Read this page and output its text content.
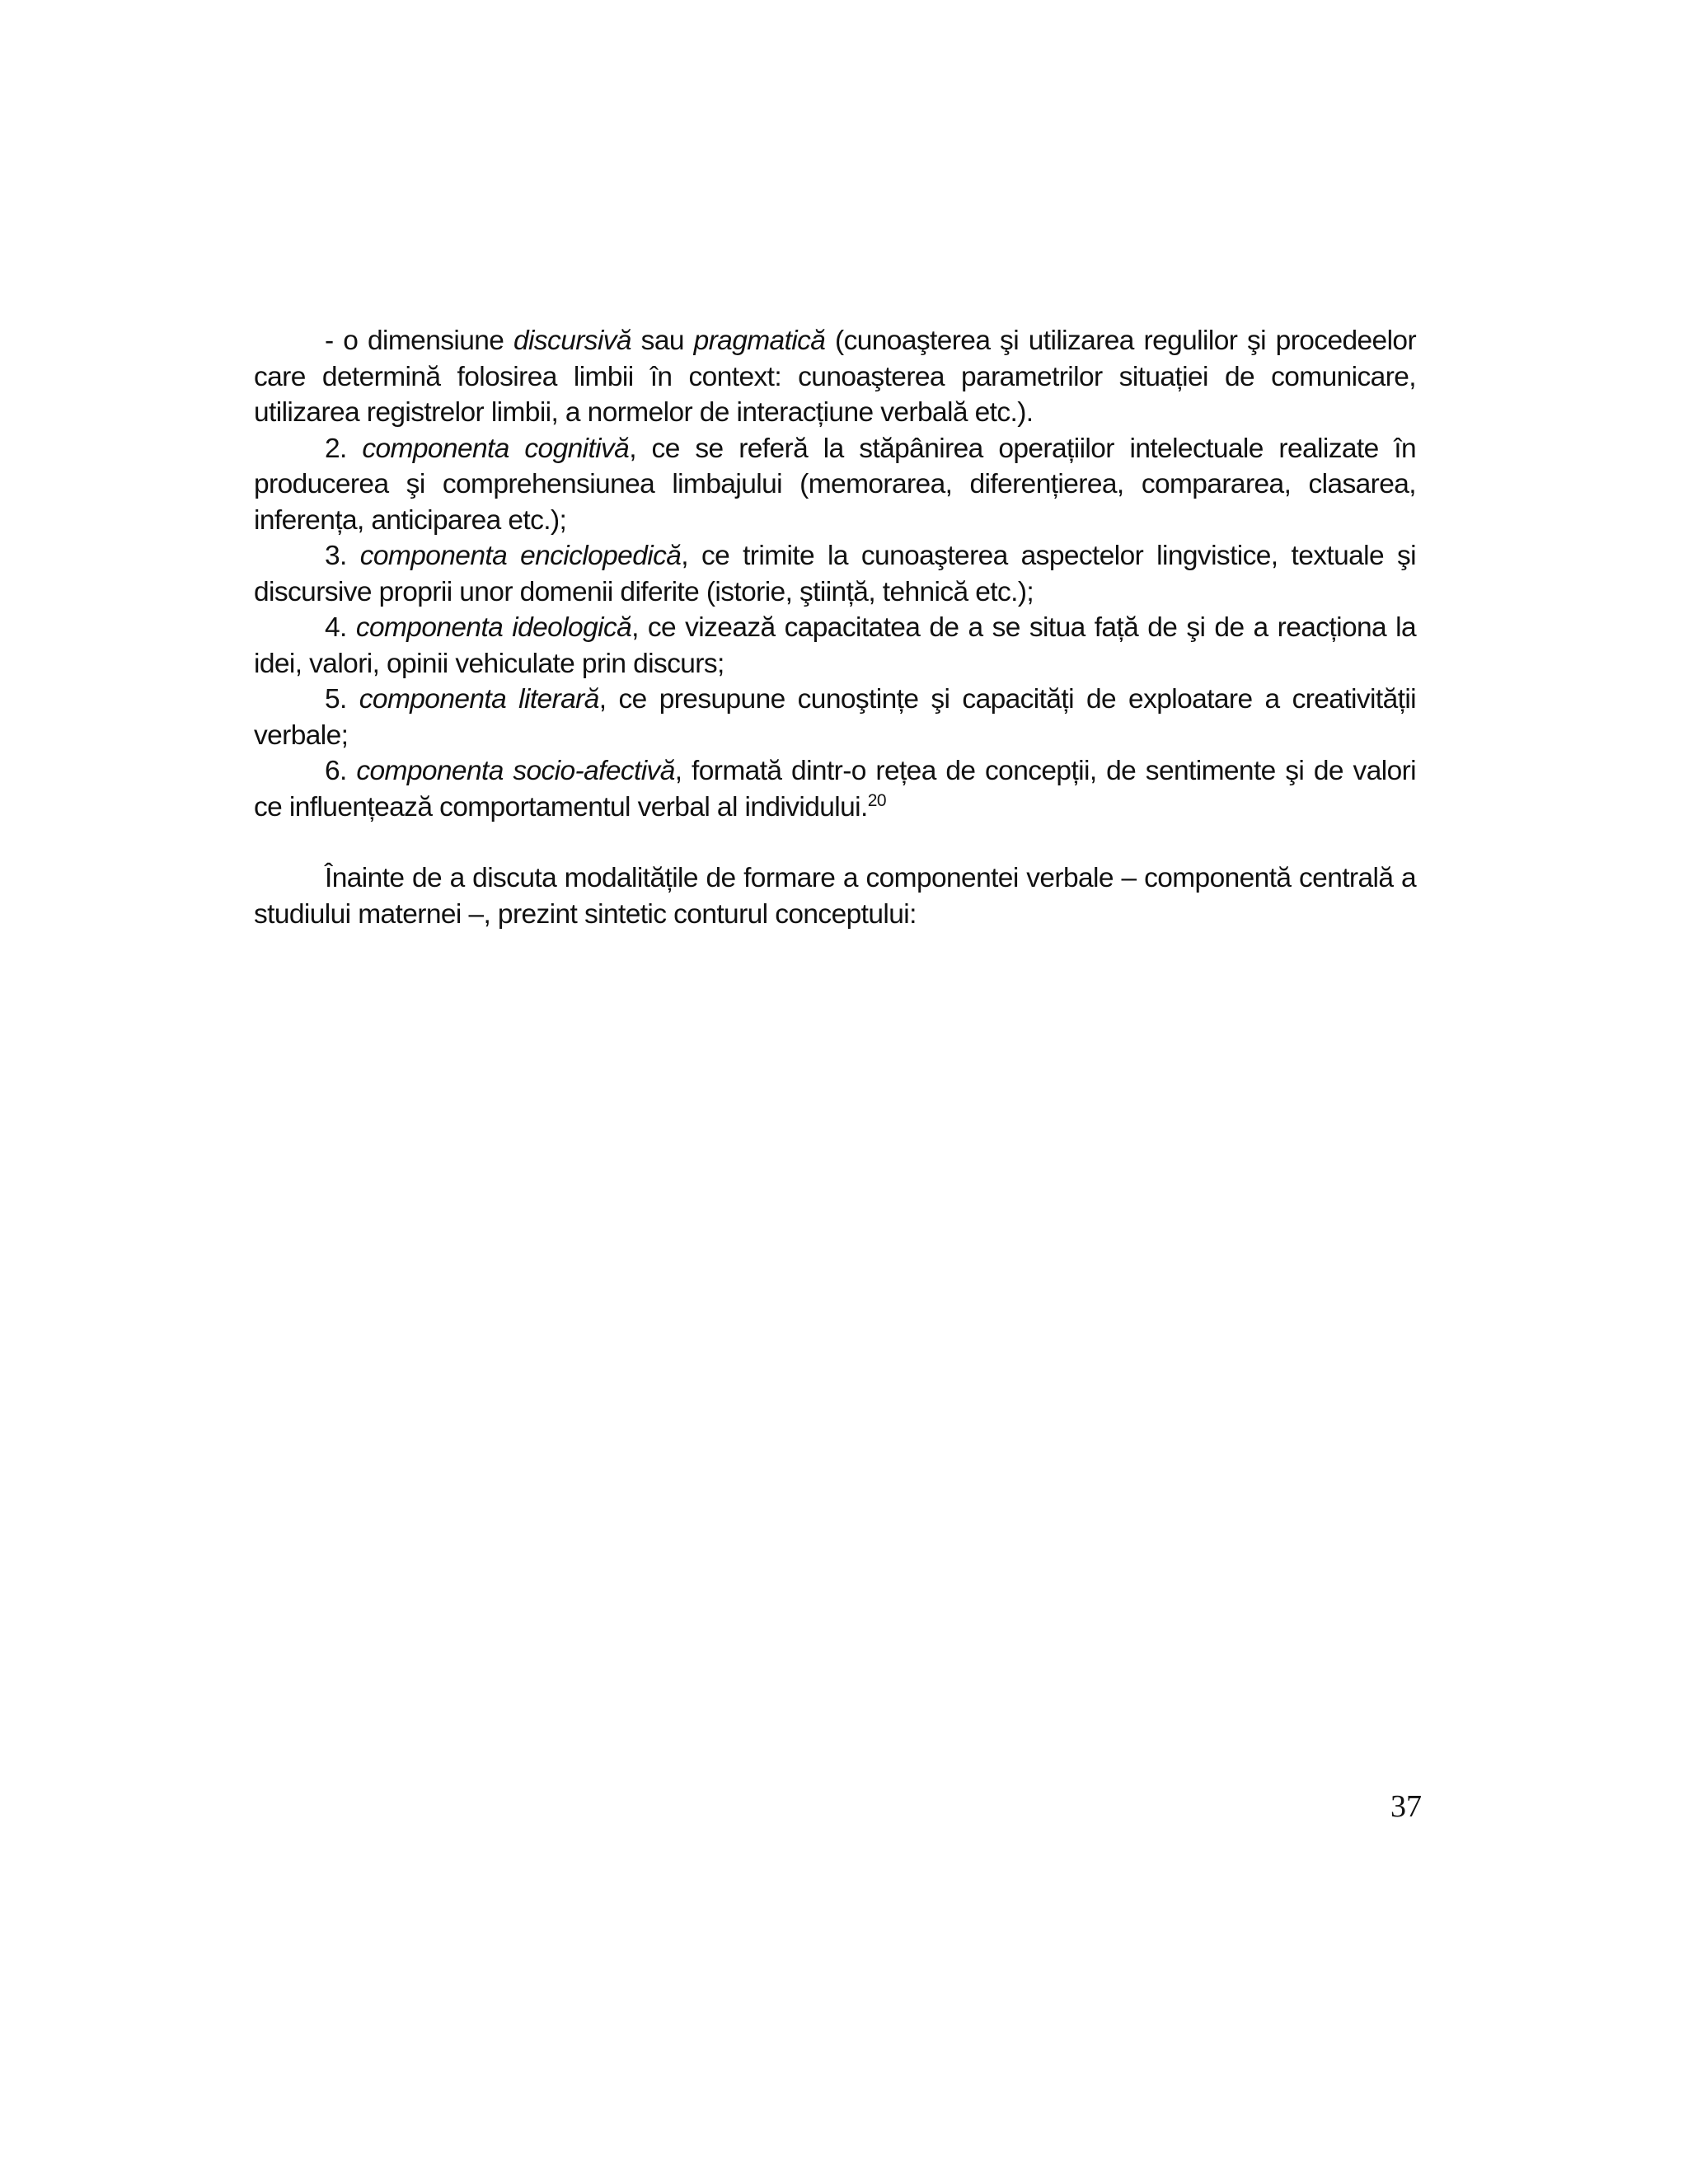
- o dimensiune discursivă sau pragmatică (cunoaşterea şi utilizarea regulilor şi procedeelor care determină folosirea limbii în context: cunoaşterea parametrilor situației de comunicare, utilizarea registrelor limbii, a normelor de interacțiune verbală etc.).

2. componenta cognitivă, ce se referă la stăpânirea operațiilor intelectuale realizate în producerea şi comprehensiunea limbajului (memorarea, diferențierea, compararea, clasarea, inferența, anticiparea etc.);

3. componenta enciclopedică, ce trimite la cunoaşterea aspectelor lingvistice, textuale şi discursive proprii unor domenii diferite (istorie, ştiință, tehnică etc.);

4. componenta ideologică, ce vizează capacitatea de a se situa față de şi de a reacționa la idei, valori, opinii vehiculate prin discurs;

5. componenta literară, ce presupune cunoştințe şi capacități de exploatare a creativității verbale;

6. componenta socio-afectivă, formată dintr-o rețea de concepții, de sentimente şi de valori ce influențează comportamentul verbal al individului.$^{20}$

Înainte de a discuta modalitățile de formare a componentei verbale – componentă centrală a studiului maternei –, prezint sintetic conturul conceptului:

37
